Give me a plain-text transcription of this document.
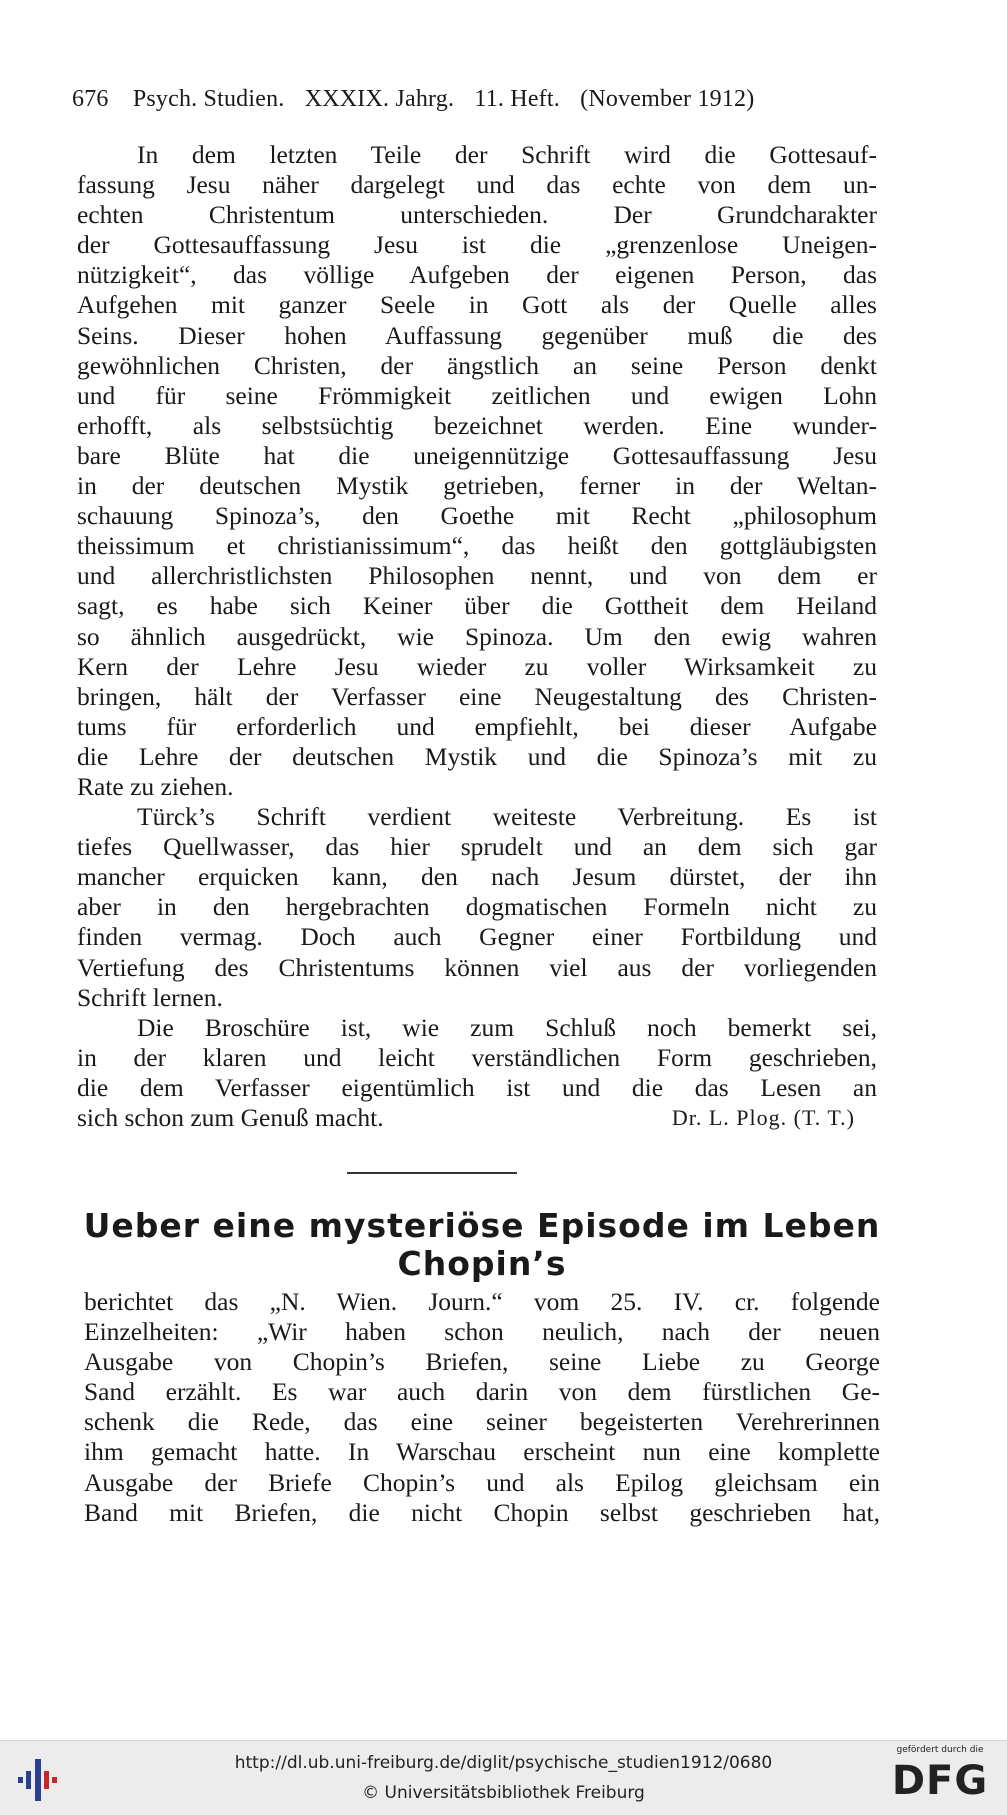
676 Psych. Studien. XXXIX. Jahrg. 11. Heft. (November 1912)
In dem letzten Teile der Schrift wird die Gottesauf-
fassung Jesu näher dargelegt und das echte von dem un-
echten Christentum unterschieden. Der Grundcharakter
der Gottesauffassung Jesu ist die „grenzenlose Uneigen-
nützigkeit“, das völlige Aufgeben der eigenen Person, das
Aufgehen mit ganzer Seele in Gott als der Quelle alles
Seins. Dieser hohen Auffassung gegenüber muß die des
gewöhnlichen Christen, der ängstlich an seine Person denkt
und für seine Frömmigkeit zeitlichen und ewigen Lohn
erhofft, als selbstsüchtig bezeichnet werden. Eine wunder-
bare Blüte hat die uneigennützige Gottesauffassung Jesu
in der deutschen Mystik getrieben, ferner in der Weltan-
schauung Spinoza’s, den Goethe mit Recht „philosophum
theissimum et christianissimum“, das heißt den gottgläubigsten
und allerchristlichsten Philosophen nennt, und von dem er
sagt, es habe sich Keiner über die Gottheit dem Heiland
so ähnlich ausgedrückt, wie Spinoza. Um den ewig wahren
Kern der Lehre Jesu wieder zu voller Wirksamkeit zu
bringen, hält der Verfasser eine Neugestaltung des Christen-
tums für erforderlich und empfiehlt, bei dieser Aufgabe
die Lehre der deutschen Mystik und die Spinoza’s mit zu
Rate zu ziehen.
Türck’s Schrift verdient weiteste Verbreitung. Es ist
tiefes Quellwasser, das hier sprudelt und an dem sich gar
mancher erquicken kann, den nach Jesum dürstet, der ihn
aber in den hergebrachten dogmatischen Formeln nicht zu
finden vermag. Doch auch Gegner einer Fortbildung und
Vertiefung des Christentums können viel aus der vorliegenden
Schrift lernen.
Die Broschüre ist, wie zum Schluß noch bemerkt sei,
in der klaren und leicht verständlichen Form geschrieben,
die dem Verfasser eigentümlich ist und die das Lesen an
sich schon zum Genuß macht.	Dr. L. Plog. (T. T.)
Ueber eine mysteriöse Episode im Leben
Chopin’s
berichtet das „N. Wien. Journ.“ vom 25. IV. cr. folgende
Einzelheiten: „Wir haben schon neulich, nach der neuen
Ausgabe von Chopin’s Briefen, seine Liebe zu George
Sand erzählt. Es war auch darin von dem fürstlichen Ge-
schenk die Rede, das eine seiner begeisterten Verehrerinnen
ihm gemacht hatte. In Warschau erscheint nun eine komplette
Ausgabe der Briefe Chopin’s und als Epilog gleichsam ein
Band mit Briefen, die nicht Chopin selbst geschrieben hat,
http://dl.ub.uni-freiburg.de/diglit/psychische_studien1912/0680
© Universitätsbibliothek Freiburg
gefördert durch die
DFG
